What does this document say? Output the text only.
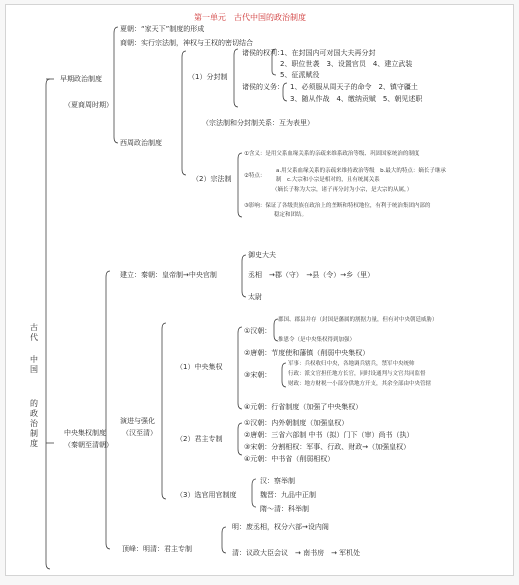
第一单元　古代中国的政治制度
古
代
中
国
的
政
治
制
度
早期政治制度
（夏商周时期）
夏朝：“家天下”制度的形成
商朝：实行宗法制，神权与王权的密切结合
西周政治制度
（1）分封制
诸侯的权利：
1、在封国内可对国大夫再分封
2、职位世袭　3、设置官员　4、建立武装
5、征派赋役
诸侯的义务： 1、必须服从周天子的命令　2、镇守疆土
3、随从作战　4、缴纳贡赋　5、朝见述职
（宗法制和分封制关系：互为表里）
（2）宗法制
①含义：是用父系血缘关系的亲疏来维系政治等级、巩固国家统治的制度
②特点：
a.用父系血缘关系的亲疏来维持政治等级　b.最大的特点：嫡长子继承
制　c.大宗和小宗是相对的，且有统属关系
（嫡长子称为大宗，诸子再分封为小宗，是大宗的从属，）
③影响：保证了各级贵族在政治上的垄断和特权地位，有利于统治集团内部的
稳定和团结。
中央集权制度
（秦朝至清朝）
建立：秦朝：皇帝制→中央官制
御史大夫
丞相　→郡（守）　→县（令）→乡（里）
太尉
演进与强化
（汉至清）
（1）中央集权
①汉朝：
郡国、郡县并存（封国是藩属的割据力量，但有对中央朝廷威胁）
推恩令（是中央集权得到加强）
②唐朝：节度使和藩镇（削弱中央集权）
③宋朝：
军事：兵权收归中央，各地调兵辖兵，禁军中央统帅
行政：派文官担任地方长官，同时设通判与文官共同监督
财政：地方财税一小部分供地方开支，其余全部由中央管辖
④元朝：行省制度（加强了中央集权）
（2）君主专制
①汉朝：内外朝制度（加强皇权）
②唐朝：三省六部制 中书（拟）门下（审）尚书（执）
③宋朝：分割相权：军事、行政、财政→（加强皇权）
④元朝：中书省（削弱相权）
（3）选官用官制度
汉：察举制
魏晋：九品中正制
隋～清：科举制
顶峰：明清：君主专制
明：废丞相，权分六部→设内阁
清：议政大臣会议　→ 南书房　→ 军机处
